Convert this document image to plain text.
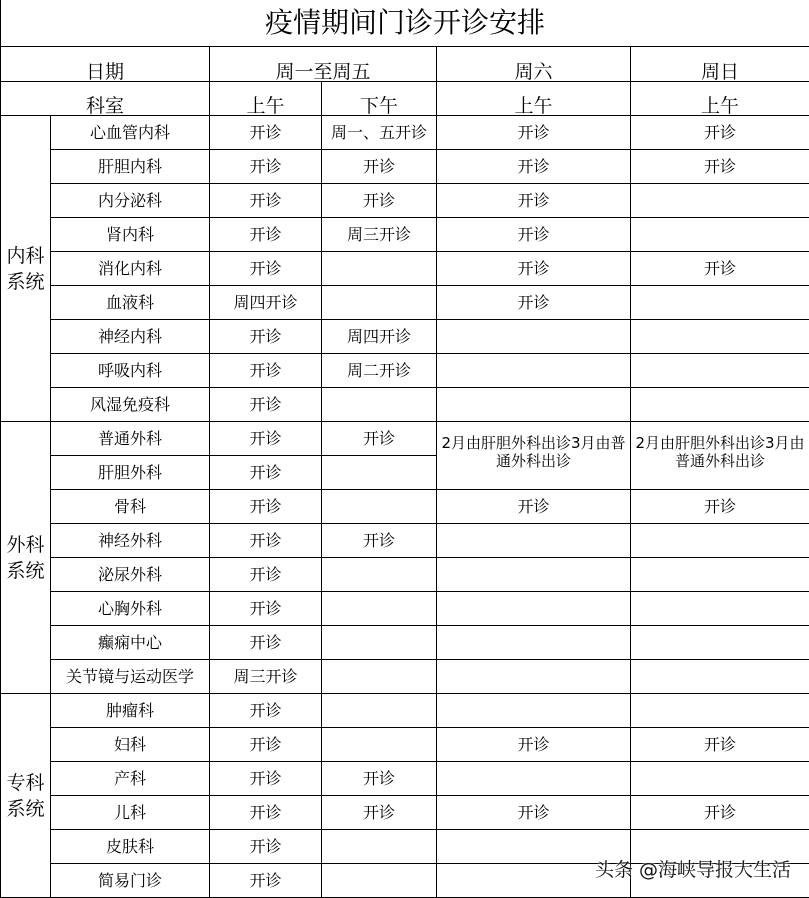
疫情期间门诊开诊安排					
日期		周一至周五		周六	周日
科室		上午	下午	上午	上午
内科系统	心血管内科	开诊	周一、五开诊	开诊	开诊
	肝胆内科	开诊	开诊	开诊	开诊
	内分泌科	开诊	开诊	开诊	
	肾内科	开诊	周三开诊	开诊	
	消化内科	开诊		开诊	开诊
	血液科	周四开诊		开诊	
	神经内科	开诊	周四开诊		
	呼吸内科	开诊	周二开诊		
	风湿免疫科	开诊			
外科系统	普通外科	开诊	开诊	2月由肝胆外科出诊3月由普通外科出诊	2月由肝胆外科出诊3月由普通外科出诊
	肝胆外科	开诊			
	骨科	开诊		开诊	开诊
	神经外科	开诊	开诊		
	泌尿外科	开诊			
	心胸外科	开诊			
	癫痫中心	开诊			
	关节镜与运动医学	周三开诊			
专科系统	肿瘤科	开诊			
	妇科	开诊		开诊	开诊
	产科	开诊	开诊		
	儿科	开诊	开诊	开诊	开诊
	皮肤科	开诊			
	简易门诊	开诊				头条 @海峡导报大生活
